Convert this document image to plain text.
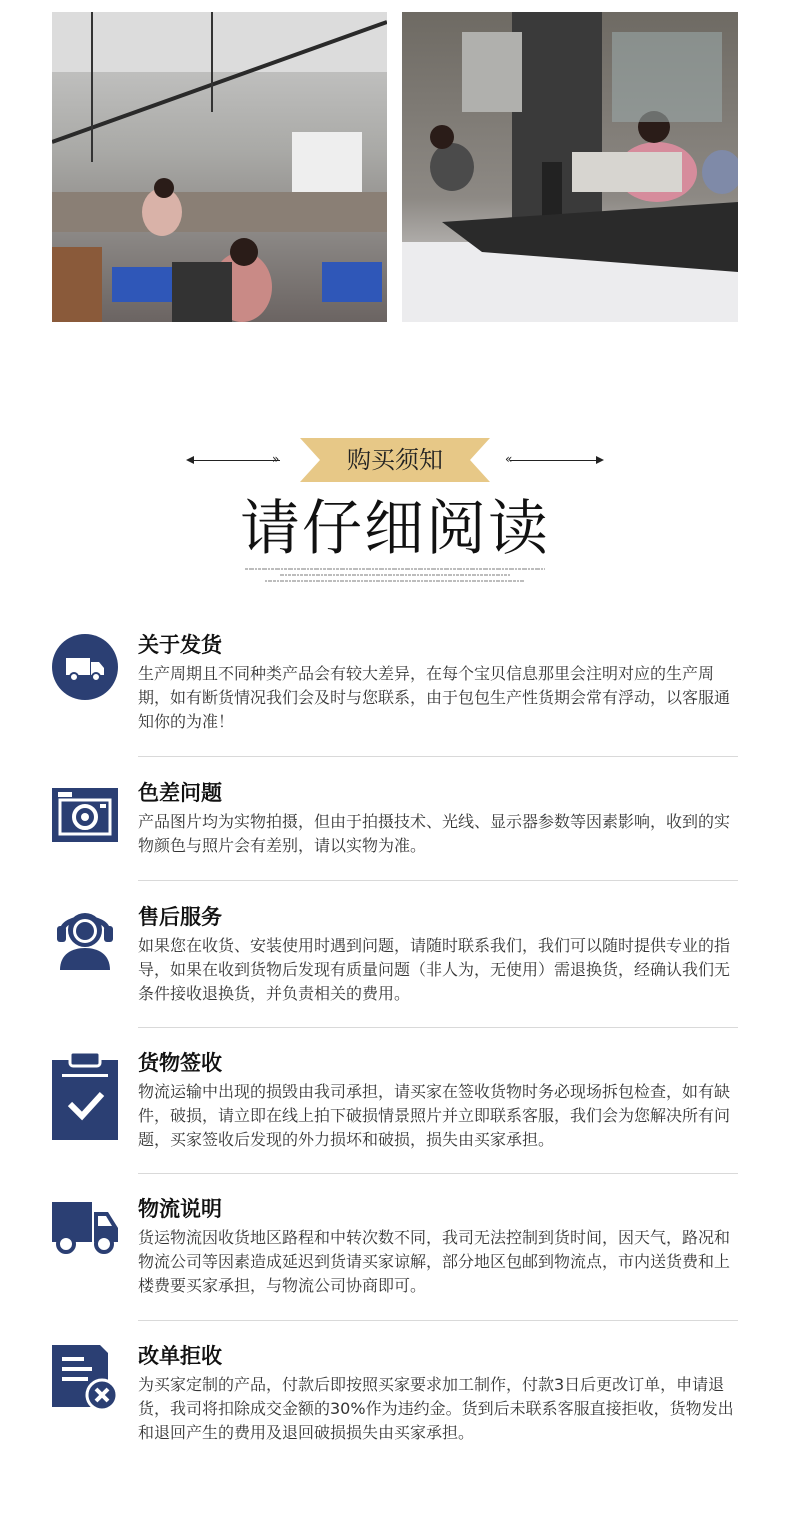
»	购买须知	«
请仔细阅读
关于发货
生产周期且不同种类产品会有较大差异，在每个宝贝信息那里会注明对应的生产周期，如有断货情况我们会及时与您联系，由于包包生产性货期会常有浮动，以客服通知你的为准！
色差问题
产品图片均为实物拍摄，但由于拍摄技术、光线、显示器参数等因素影响，收到的实物颜色与照片会有差别，请以实物为准。
售后服务
如果您在收货、安装使用时遇到问题，请随时联系我们，我们可以随时提供专业的指导，如果在收到货物后发现有质量问题（非人为，无使用）需退换货，经确认我们无条件接收退换货，并负责相关的费用。
货物签收
物流运输中出现的损毁由我司承担，请买家在签收货物时务必现场拆包检查，如有缺件，破损，请立即在线上拍下破损情景照片并立即联系客服，我们会为您解决所有问题，买家签收后发现的外力损坏和破损，损失由买家承担。
物流说明
货运物流因收货地区路程和中转次数不同，我司无法控制到货时间，因天气，路况和物流公司等因素造成延迟到货请买家谅解，部分地区包邮到物流点，市内送货费和上楼费要买家承担，与物流公司协商即可。
改单拒收
为买家定制的产品，付款后即按照买家要求加工制作，付款3日后更改订单，申请退货，我司将扣除成交金额的30%作为违约金。货到后未联系客服直接拒收，货物发出和退回产生的费用及退回破损损失由买家承担。
